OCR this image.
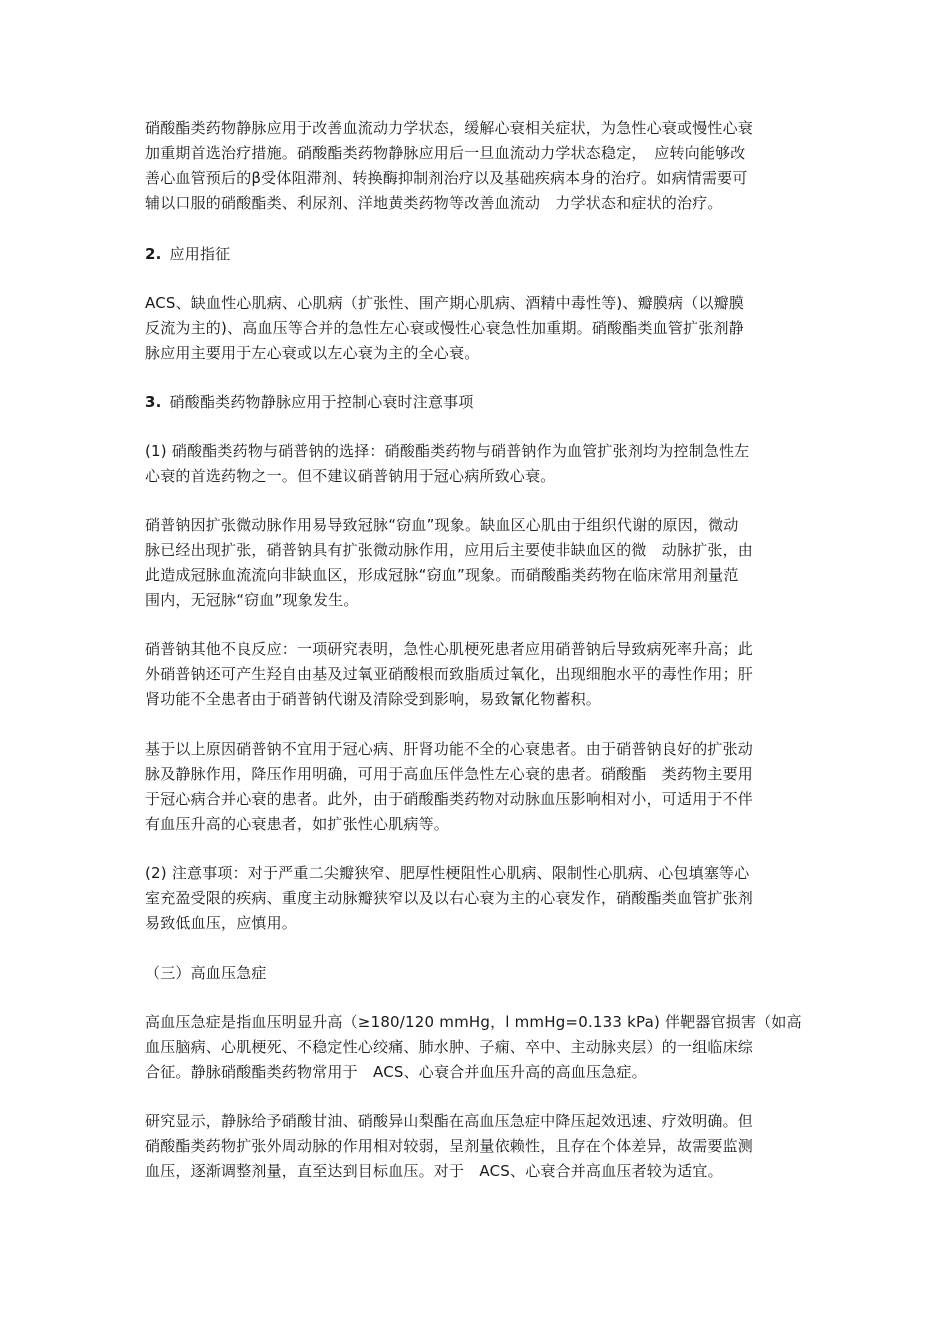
硝酸酯类药物静脉应用于改善血流动力学状态，缓解心衰相关症状，为急性心衰或慢性心衰
加重期首选治疗措施。硝酸酯类药物静脉应用后一旦血流动力学状态稳定，　应转向能够改
善心血管预后的β受体阻滞剂、转换酶抑制剂治疗以及基础疾病本身的治疗。如病情需要可
辅以口服的硝酸酯类、利尿剂、洋地黄类药物等改善血流动　力学状态和症状的治疗。
2. 应用指征
ACS、缺血性心肌病、心肌病（扩张性、围产期心肌病、酒精中毒性等)、瓣膜病（以瓣膜
反流为主的)、高血压等合并的急性左心衰或慢性心衰急性加重期。硝酸酯类血管扩张剂静
脉应用主要用于左心衰或以左心衰为主的全心衰。
3. 硝酸酯类药物静脉应用于控制心衰时注意事项
(1) 硝酸酯类药物与硝普钠的选择：硝酸酯类药物与硝普钠作为血管扩张剂均为控制急性左
心衰的首选药物之一。但不建议硝普钠用于冠心病所致心衰。
硝普钠因扩张微动脉作用易导致冠脉“窃血”现象。缺血区心肌由于组织代谢的原因，微动
脉已经出现扩张，硝普钠具有扩张微动脉作用，应用后主要使非缺血区的微　动脉扩张，由
此造成冠脉血流流向非缺血区，形成冠脉“窃血”现象。而硝酸酯类药物在临床常用剂量范
围内，无冠脉“窃血”现象发生。
硝普钠其他不良反应：一项研究表明，急性心肌梗死患者应用硝普钠后导致病死率升高；此
外硝普钠还可产生羟自由基及过氧亚硝酸根而致脂质过氧化，出现细胞水平的毒性作用；肝
肾功能不全患者由于硝普钠代谢及清除受到影响，易致氰化物蓄积。
基于以上原因硝普钠不宜用于冠心病、肝肾功能不全的心衰患者。由于硝普钠良好的扩张动
脉及静脉作用，降压作用明确，可用于高血压伴急性左心衰的患者。硝酸酯　类药物主要用
于冠心病合并心衰的患者。此外，由于硝酸酯类药物对动脉血压影响相对小，可适用于不伴
有血压升高的心衰患者，如扩张性心肌病等。
(2) 注意事项：对于严重二尖瓣狭窄、肥厚性梗阻性心肌病、限制性心肌病、心包填塞等心
室充盈受限的疾病、重度主动脉瓣狭窄以及以右心衰为主的心衰发作，硝酸酯类血管扩张剂
易致低血压，应慎用。
（三）高血压急症
高血压急症是指血压明显升高（≥180/120 mmHg，l mmHg=0.133 kPa) 伴靶器官损害（如高
血压脑病、心肌梗死、不稳定性心绞痛、肺水肿、子痫、卒中、主动脉夹层）的一组临床综
合征。静脉硝酸酯类药物常用于　ACS、心衰合并血压升高的高血压急症。
研究显示，静脉给予硝酸甘油、硝酸异山梨酯在高血压急症中降压起效迅速、疗效明确。但
硝酸酯类药物扩张外周动脉的作用相对较弱，呈剂量依赖性，且存在个体差异，故需要监测
血压，逐渐调整剂量，直至达到目标血压。对于　ACS、心衰合并高血压者较为适宜。
